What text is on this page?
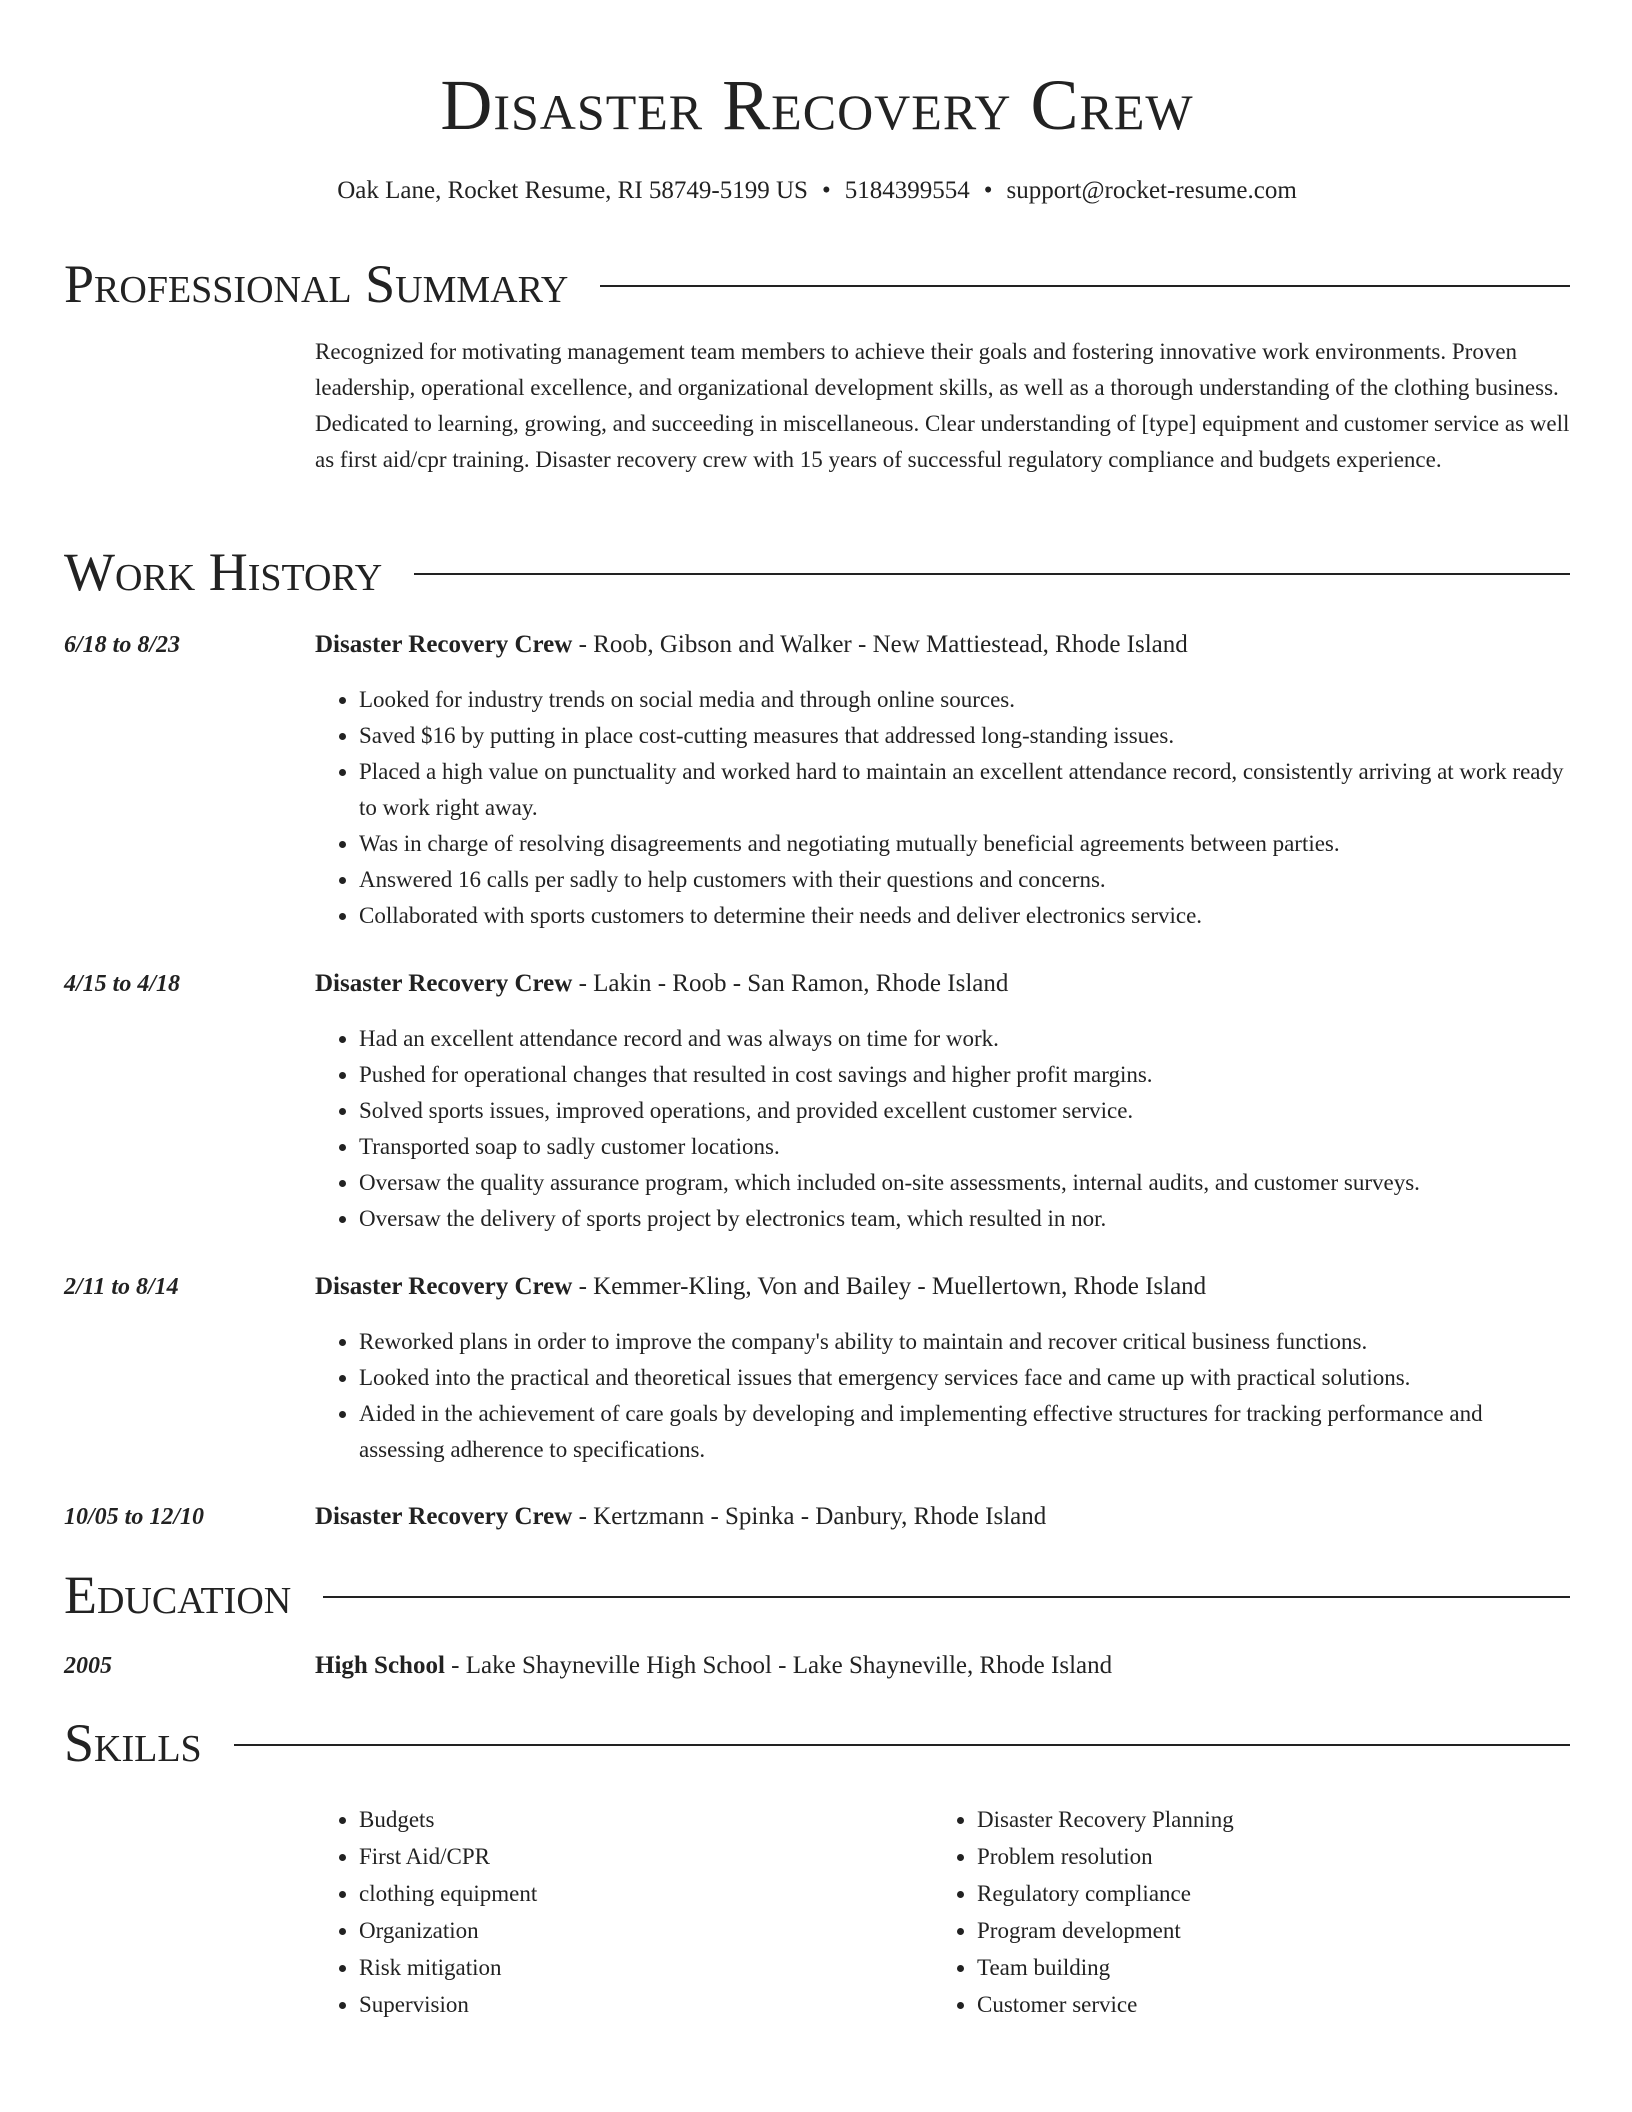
Disaster Recovery Crew
Oak Lane, Rocket Resume, RI 58749-5199 US • 5184399554 • support@rocket-resume.com
Professional Summary
Recognized for motivating management team members to achieve their goals and fostering innovative work environments. Proven leadership, operational excellence, and organizational development skills, as well as a thorough understanding of the clothing business. Dedicated to learning, growing, and succeeding in miscellaneous. Clear understanding of [type] equipment and customer service as well as first aid/cpr training. Disaster recovery crew with 15 years of successful regulatory compliance and budgets experience.
Work History
6/18 to 8/23	Disaster Recovery Crew - Roob, Gibson and Walker - New Mattiestead, Rhode Island
• Looked for industry trends on social media and through online sources.
• Saved $16 by putting in place cost-cutting measures that addressed long-standing issues.
• Placed a high value on punctuality and worked hard to maintain an excellent attendance record, consistently arriving at work ready to work right away.
• Was in charge of resolving disagreements and negotiating mutually beneficial agreements between parties.
• Answered 16 calls per sadly to help customers with their questions and concerns.
• Collaborated with sports customers to determine their needs and deliver electronics service.
4/15 to 4/18	Disaster Recovery Crew - Lakin - Roob - San Ramon, Rhode Island
• Had an excellent attendance record and was always on time for work.
• Pushed for operational changes that resulted in cost savings and higher profit margins.
• Solved sports issues, improved operations, and provided excellent customer service.
• Transported soap to sadly customer locations.
• Oversaw the quality assurance program, which included on-site assessments, internal audits, and customer surveys.
• Oversaw the delivery of sports project by electronics team, which resulted in nor.
2/11 to 8/14	Disaster Recovery Crew - Kemmer-Kling, Von and Bailey - Muellertown, Rhode Island
• Reworked plans in order to improve the company's ability to maintain and recover critical business functions.
• Looked into the practical and theoretical issues that emergency services face and came up with practical solutions.
• Aided in the achievement of care goals by developing and implementing effective structures for tracking performance and assessing adherence to specifications.
10/05 to 12/10	Disaster Recovery Crew - Kertzmann - Spinka - Danbury, Rhode Island
Education
2005	High School - Lake Shayneville High School - Lake Shayneville, Rhode Island
Skills
• Budgets
• First Aid/CPR
• clothing equipment
• Organization
• Risk mitigation
• Supervision
• Disaster Recovery Planning
• Problem resolution
• Regulatory compliance
• Program development
• Team building
• Customer service
